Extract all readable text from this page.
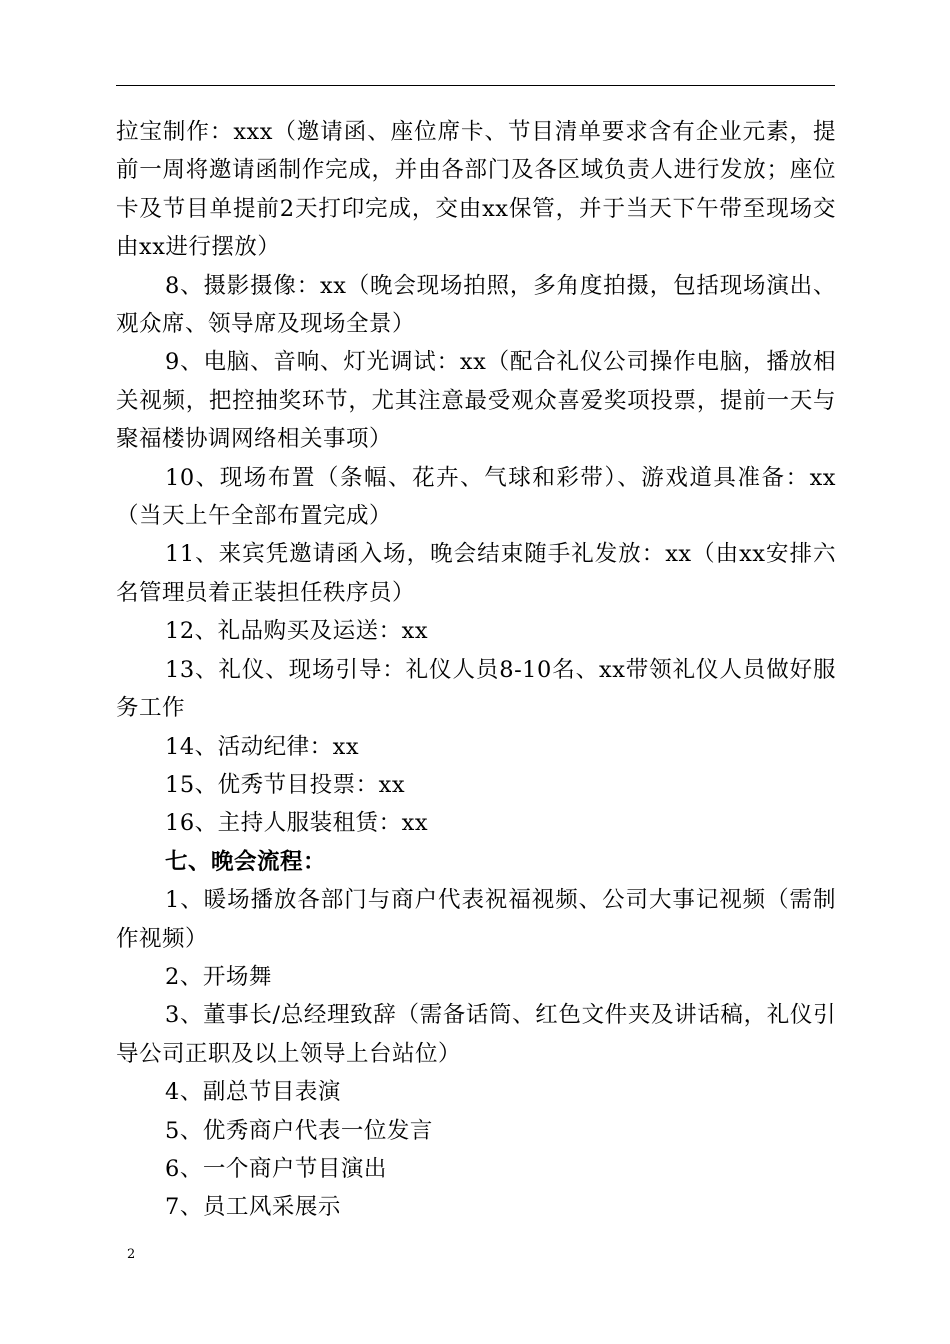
拉宝制作：xxx（邀请函、座位席卡、节目清单要求含有企业元素，提前一周将邀请函制作完成，并由各部门及各区域负责人进行发放；座位卡及节目单提前2天打印完成，交由xx保管，并于当天下午带至现场交由xx进行摆放）

8、摄影摄像：xx（晚会现场拍照，多角度拍摄，包括现场演出、观众席、领导席及现场全景）

9、电脑、音响、灯光调试：xx（配合礼仪公司操作电脑，播放相关视频，把控抽奖环节，尤其注意最受观众喜爱奖项投票，提前一天与聚福楼协调网络相关事项）

10、现场布置（条幅、花卉、气球和彩带）、游戏道具准备：xx（当天上午全部布置完成）

11、来宾凭邀请函入场，晚会结束随手礼发放：xx（由xx安排六名管理员着正装担任秩序员）

12、礼品购买及运送：xx

13、礼仪、现场引导：礼仪人员8-10名、xx带领礼仪人员做好服务工作

14、活动纪律：xx

15、优秀节目投票：xx

16、主持人服装租赁：xx

七、晚会流程：

1、暖场播放各部门与商户代表祝福视频、公司大事记视频（需制作视频）

2、开场舞

3、董事长/总经理致辞（需备话筒、红色文件夹及讲话稿，礼仪引导公司正职及以上领导上台站位）

4、副总节目表演

5、优秀商户代表一位发言

6、一个商户节目演出

7、员工风采展示

2
